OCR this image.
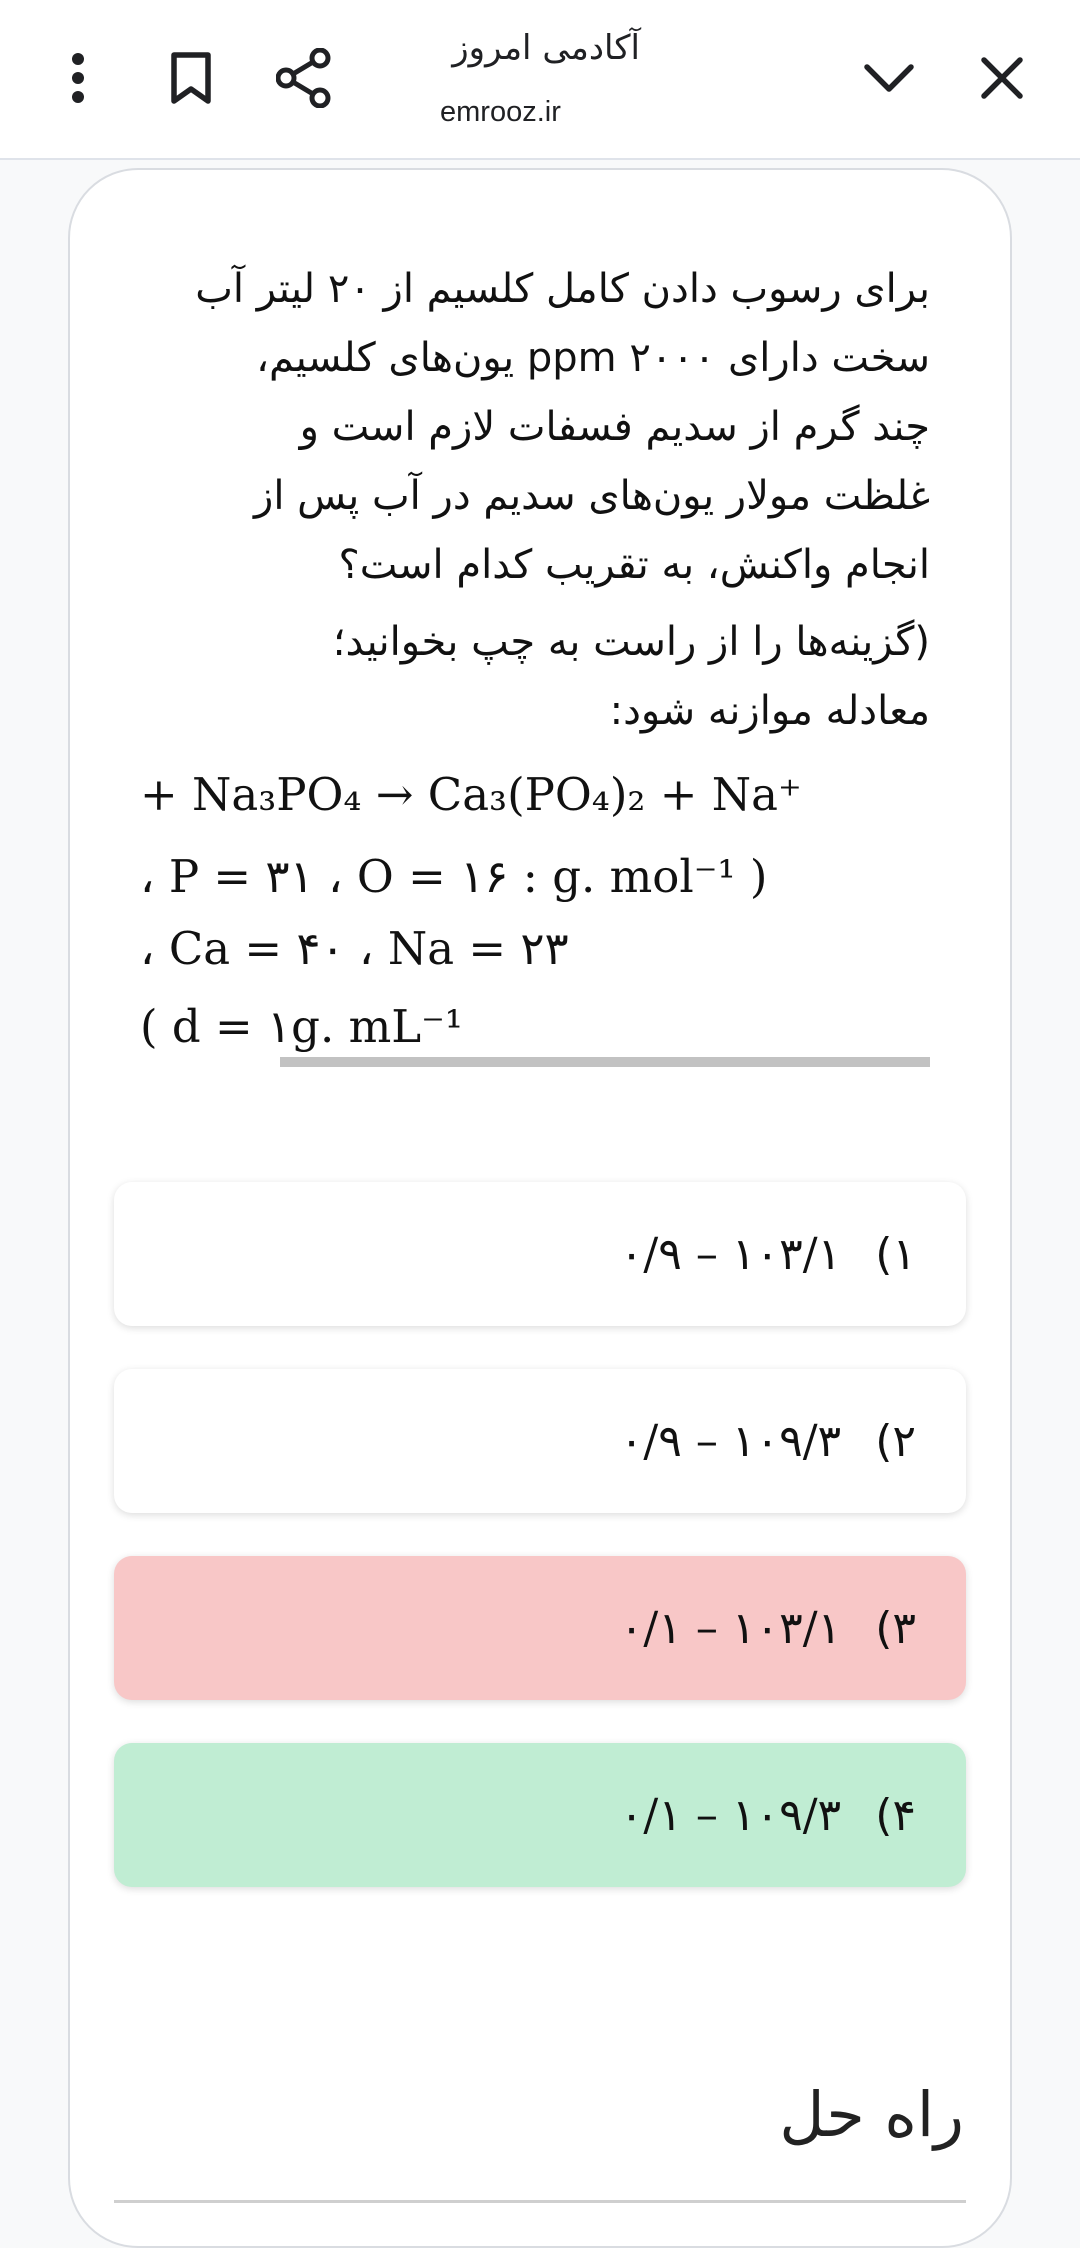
آکادمی امروز
emrooz.ir
برای رسوب دادن کامل کلسیم از ۲۰ لیتر آب
سخت دارای ۲۰۰۰ ppm یون‌های کلسیم،
چند گرم از سدیم فسفات لازم است و
غلظت مولار یون‌های سدیم در آب پس از
انجام واکنش، به تقریب کدام است؟
(گزینه‌ها را از راست به چپ بخوانید؛
معادله موازنه شود:
+ Na₃PO₄ → Ca₃(PO₄)₂ + Na⁺
، P = ۳۱ ، O = ۱۶ : g. mol⁻¹ )
، Ca = ۴۰ ، Na = ۲۳
( d = ۱g. mL⁻¹
۱)
۰/۹ – ۱۰۳/۱
۲)
۰/۹ – ۱۰۹/۳
۳)
۰/۱ – ۱۰۳/۱
۴)
۰/۱ – ۱۰۹/۳
راه حل
